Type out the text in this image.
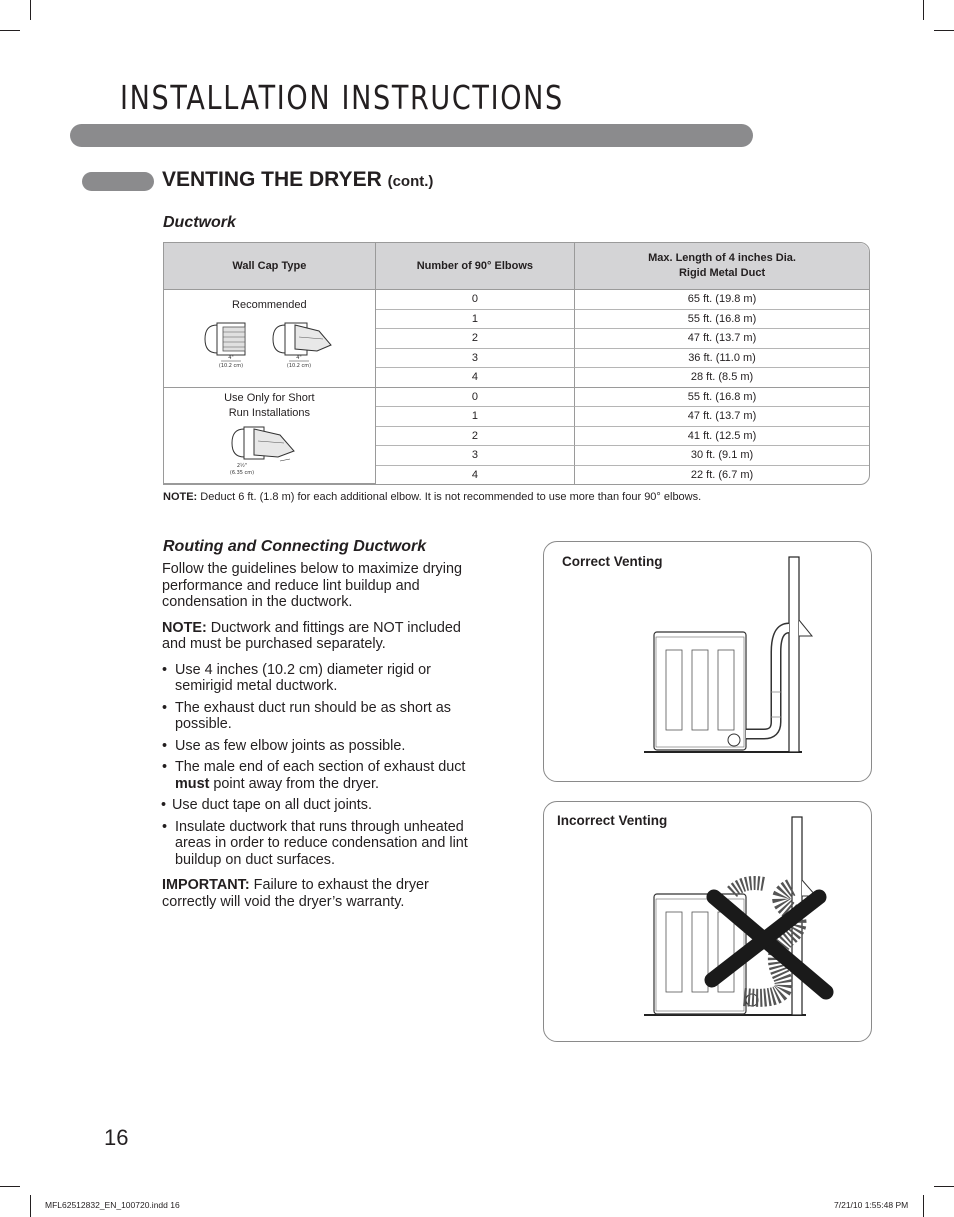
INSTALLATION INSTRUCTIONS
VENTING THE DRYER (cont.)
Ductwork
Wall Cap Type	Number of 90° Elbows	Max. Length of 4 inches Dia.
Rigid Metal Duct

Recommended
4"
(10.2 cm)
4"
(10.2 cm)	0	65 ft. (19.8 m)
	1	55 ft. (16.8 m)
	2	47 ft. (13.7 m)
	3	36 ft. (11.0 m)
	4	28 ft. (8.5 m)

Use Only for Short
Run Installations
2½"
(6.35 cm)	0	55 ft. (16.8 m)
	1	47 ft. (13.7 m)
	2	41 ft. (12.5 m)
	3	30 ft. (9.1 m)
	4	22 ft. (6.7 m)
NOTE: Deduct 6 ft. (1.8 m) for each additional elbow. It is not recommended to use more than four 90° elbows.
Routing and Connecting Ductwork

Follow the guidelines below to maximize drying performance and reduce lint buildup and condensation in the ductwork.

NOTE: Ductwork and fittings are NOT included and must be purchased separately.

• Use 4 inches (10.2 cm) diameter rigid or semirigid metal ductwork.
• The exhaust duct run should be as short as possible.
• Use as few elbow joints as possible.
• The male end of each section of exhaust duct must point away from the dryer.
• Use duct tape on all duct joints.
• Insulate ductwork that runs through unheated areas in order to reduce condensation and lint buildup on duct surfaces.

IMPORTANT: Failure to exhaust the dryer correctly will void the dryer’s warranty.

Correct Venting
Incorrect Venting
16
MFL62512832_EN_100720.indd 16	7/21/10 1:55:48 PM
